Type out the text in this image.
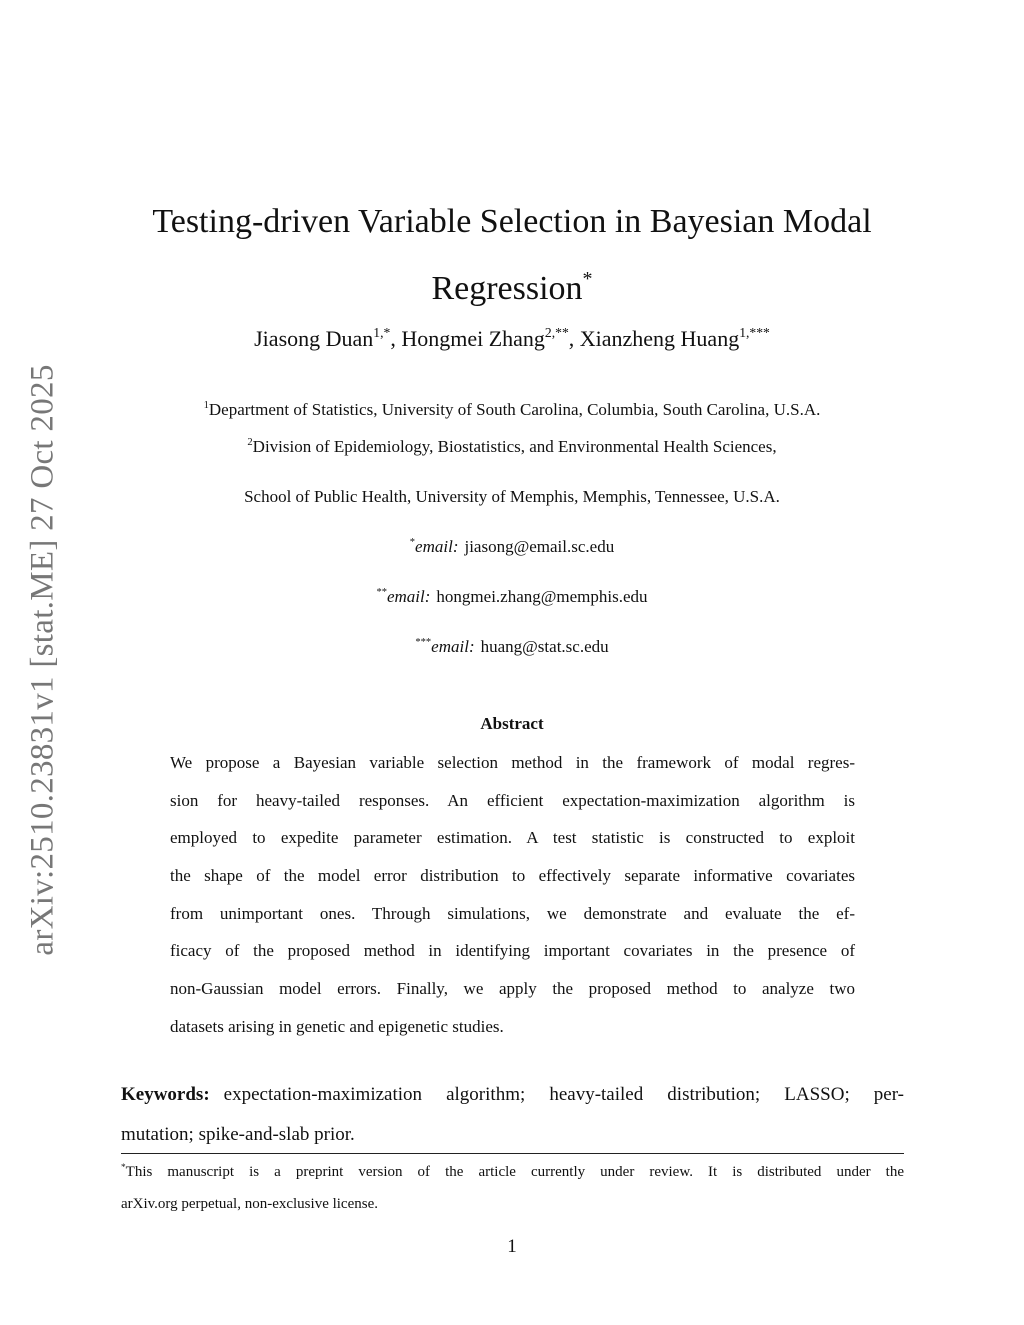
arXiv:2510.23831v1 [stat.ME] 27 Oct 2025
Testing-driven Variable Selection in Bayesian Modal
Regression*
Jiasong Duan$^{1,*}$, Hongmei Zhang$^{2,**}$, Xianzheng Huang$^{1,***}$
$^1$Department of Statistics, University of South Carolina, Columbia, South Carolina, U.S.A.
$^2$Division of Epidemiology, Biostatistics, and Environmental Health Sciences,
School of Public Health, University of Memphis, Memphis, Tennessee, U.S.A.
*email: jiasong@email.sc.edu
**email: hongmei.zhang@memphis.edu
***email: huang@stat.sc.edu
Abstract
We propose a Bayesian variable selection method in the framework of modal regres-
sion for heavy-tailed responses. An efficient expectation-maximization algorithm is
employed to expedite parameter estimation. A test statistic is constructed to exploit
the shape of the model error distribution to effectively separate informative covariates
from unimportant ones. Through simulations, we demonstrate and evaluate the ef-
ficacy of the proposed method in identifying important covariates in the presence of
non-Gaussian model errors. Finally, we apply the proposed method to analyze two
datasets arising in genetic and epigenetic studies.
Keywords: expectation-maximization algorithm; heavy-tailed distribution; LASSO; per-
mutation; spike-and-slab prior.
*This manuscript is a preprint version of the article currently under review. It is distributed under the
arXiv.org perpetual, non-exclusive license.
1
